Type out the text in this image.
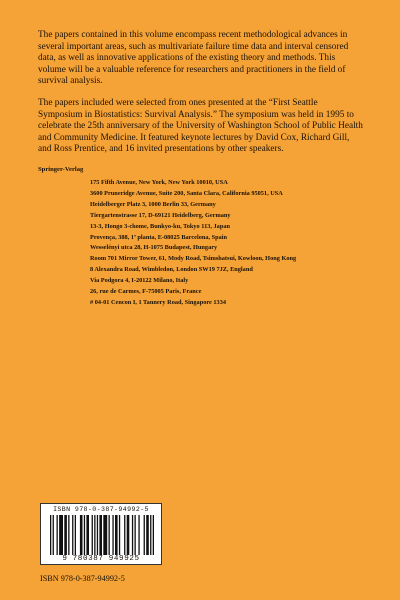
The papers contained in this volume encompass recent methodological advances in several important areas, such as multivariate failure time data and interval censored data, as well as innovative applications of the existing theory and methods. This volume will be a valuable reference for researchers and practitioners in the field of survival analysis.

The papers included were selected from ones presented at the “First Seattle Symposium in Biostatistics: Survival Analysis.” The symposium was held in 1995 to celebrate the 25th anniversary of the University of Washington School of Public Health and Community Medicine. It featured keynote lectures by David Cox, Richard Gill, and Ross Prentice, and 16 invited presentations by other speakers.

Springer-Verlag

175 Fifth Avenue, New York, New York 10010, USA
3600 Pruneridge Avenue, Suite 200, Santa Clara, California 95051, USA
Heidelberger Platz 3, 1000 Berlin 33, Germany
Tiergartenstrasse 17, D-69121 Heidelberg, Germany
13-3, Hongo 3-chome, Bunkyo-ku, Tokyo 113, Japan
Provença, 388, 1ª planta, E-08025 Barcelona, Spain
Wesselényi utca 28, H-1075 Budapest, Hungary
Room 701 Mirror Tower, 61, Mody Road, Tsimshatsui, Kowloon, Hong Kong
8 Alexandra Road, Wimbledon, London SW19 7JZ, England
Via Podgora 4, I-20122 Milano, Italy
26, rue de Carmes, F-75005 Paris, France
# 04-01 Cencon I, 1 Tannery Road, Singapore 1334
ISBN 978-0-387-94992-5
9 780387 949925

ISBN 978-0-387-94992-5
